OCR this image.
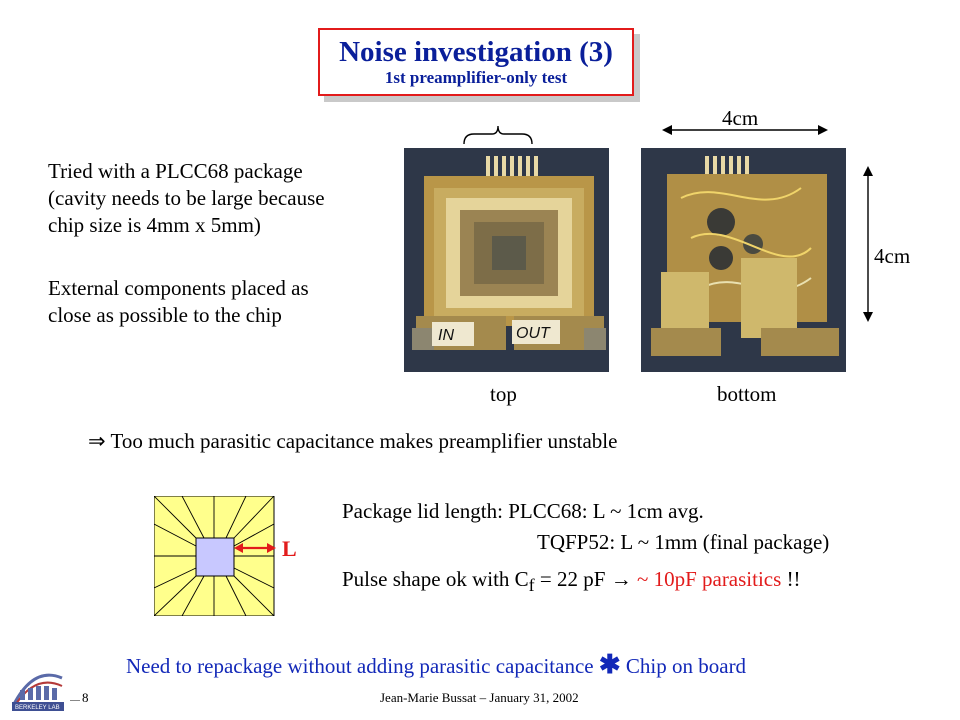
Noise investigation (3)
1st preamplifier-only test
Tried with a PLCC68 package
(cavity needs to be large because
chip size is 4mm x 5mm)
External components placed as
close as possible to the chip
IN	OUT
4cm
4cm
top	bottom
⇒ Too much parasitic capacitance makes preamplifier unstable
L
Package lid length: PLCC68: L ~ 1cm avg.
TQFP52: L ~ 1mm (final package)
Pulse shape ok with $C_f = 22$ pF → ~ 10pF parasitics !!
Need to repackage without adding parasitic capacitance ✱ Chip on board
BERKELEY LAB
8	Jean-Marie Bussat – January 31, 2002
